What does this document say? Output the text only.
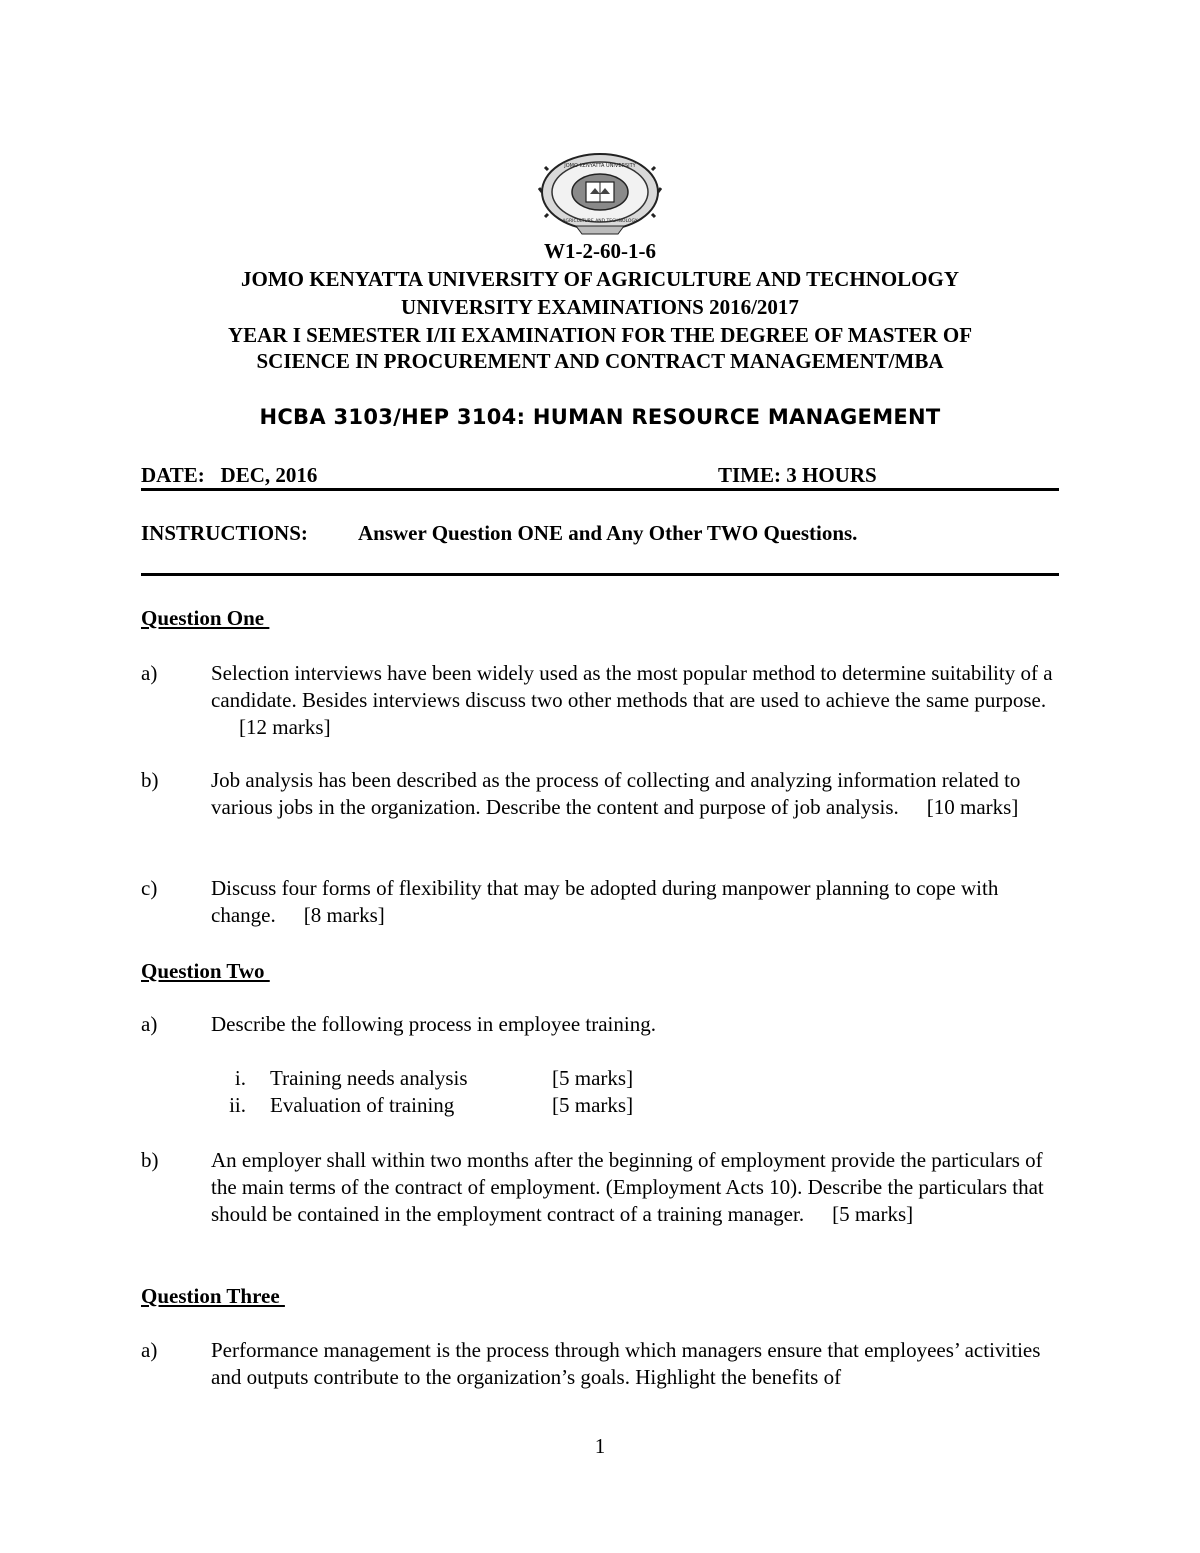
JOMO KENYATTA UNIVERSITY
AGRICULTURE AND TECHNOLOGY
W1-2-60-1-6
JOMO KENYATTA UNIVERSITY OF AGRICULTURE AND TECHNOLOGY
UNIVERSITY EXAMINATIONS 2016/2017
YEAR I SEMESTER I/II EXAMINATION FOR THE DEGREE OF MASTER OF
SCIENCE IN PROCUREMENT AND CONTRACT MANAGEMENT/MBA
HCBA 3103/HEP 3104: HUMAN RESOURCE MANAGEMENT
DATE:   DEC, 2016	TIME: 3 HOURS
INSTRUCTIONS: Answer Question ONE and Any Other TWO Questions.
Question One
a)	Selection interviews have been widely used as the most popular method to determine suitability of a candidate. Besides interviews discuss two other methods that are used to achieve the same purpose.[12 marks]
b)	Job analysis has been described as the process of collecting and analyzing information related to various jobs in the organization. Describe the content and purpose of job analysis. [10 marks]
c)	Discuss four forms of flexibility that may be adopted during manpower planning to cope with change. [8 marks]
Question Two
a)	Describe the following process in employee training.
i. Training needs analysis	[5 marks]
ii. Evaluation of training	[5 marks]
b)	An employer shall within two months after the beginning of employment provide the particulars of the main terms of the contract of employment. (Employment Acts 10). Describe the particulars that should be contained in the employment contract of a training manager. [5 marks]
Question Three
a)	Performance management is the process through which managers ensure that employees’ activities and outputs contribute to the organization’s goals. Highlight the benefits of
1
